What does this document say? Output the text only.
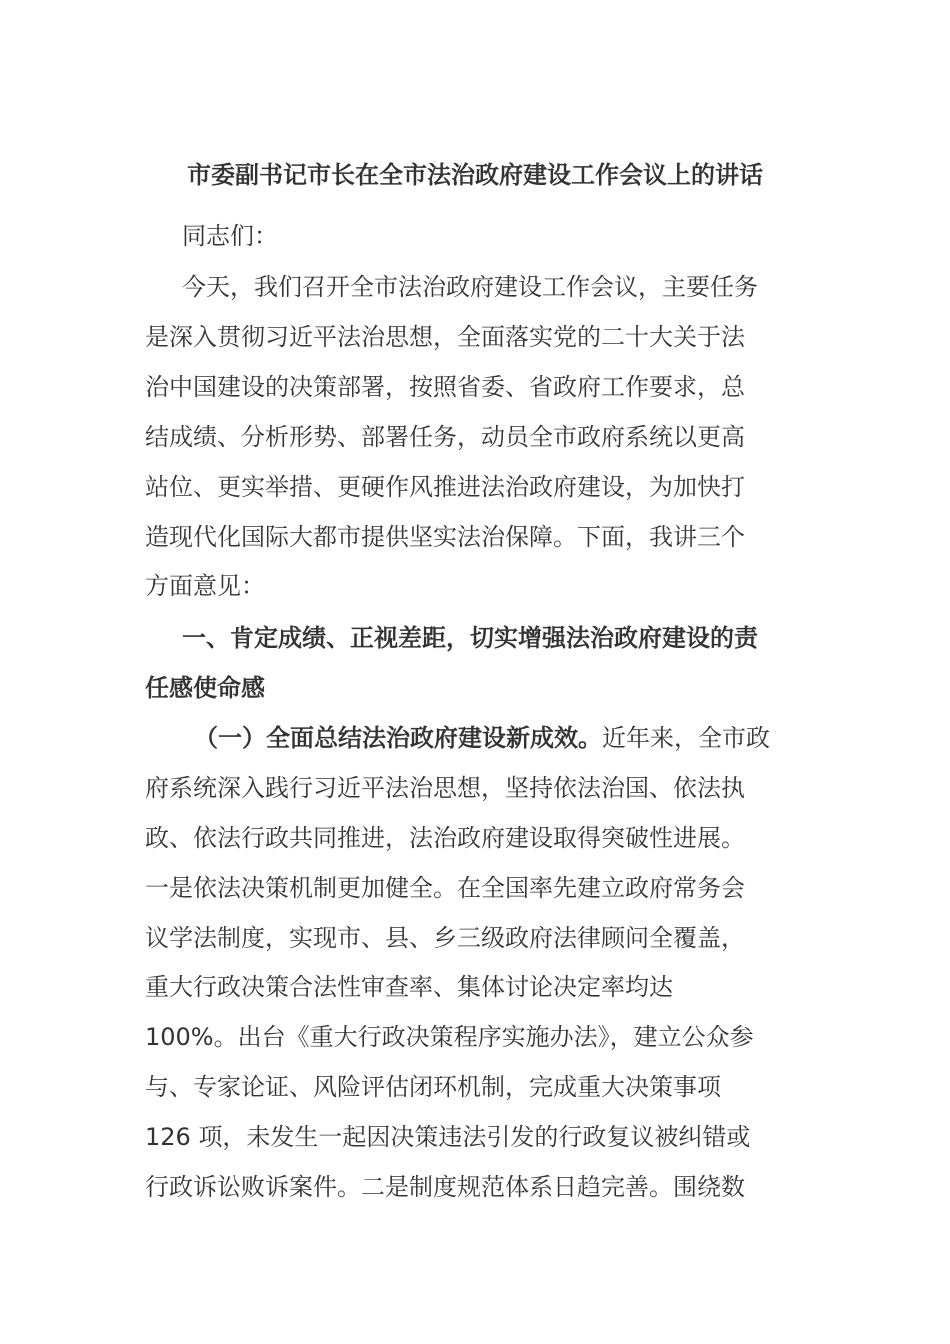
市委副书记市长在全市法治政府建设工作会议上的讲话
同志们：
今天，我们召开全市法治政府建设工作会议，主要任务
是深入贯彻习近平法治思想，全面落实党的二十大关于法
治中国建设的决策部署，按照省委、省政府工作要求，总
结成绩、分析形势、部署任务，动员全市政府系统以更高
站位、更实举措、更硬作风推进法治政府建设，为加快打
造现代化国际大都市提供坚实法治保障。下面，我讲三个
方面意见：
一、肯定成绩、正视差距，切实增强法治政府建设的责
任感使命感
（一）全面总结法治政府建设新成效。近年来，全市政
府系统深入践行习近平法治思想，坚持依法治国、依法执
政、依法行政共同推进，法治政府建设取得突破性进展。
一是依法决策机制更加健全。在全国率先建立政府常务会
议学法制度，实现市、县、乡三级政府法律顾问全覆盖，
重大行政决策合法性审查率、集体讨论决定率均达
100%。出台《重大行政决策程序实施办法》，建立公众参
与、专家论证、风险评估闭环机制，完成重大决策事项
126 项，未发生一起因决策违法引发的行政复议被纠错或
行政诉讼败诉案件。二是制度规范体系日趋完善。围绕数
